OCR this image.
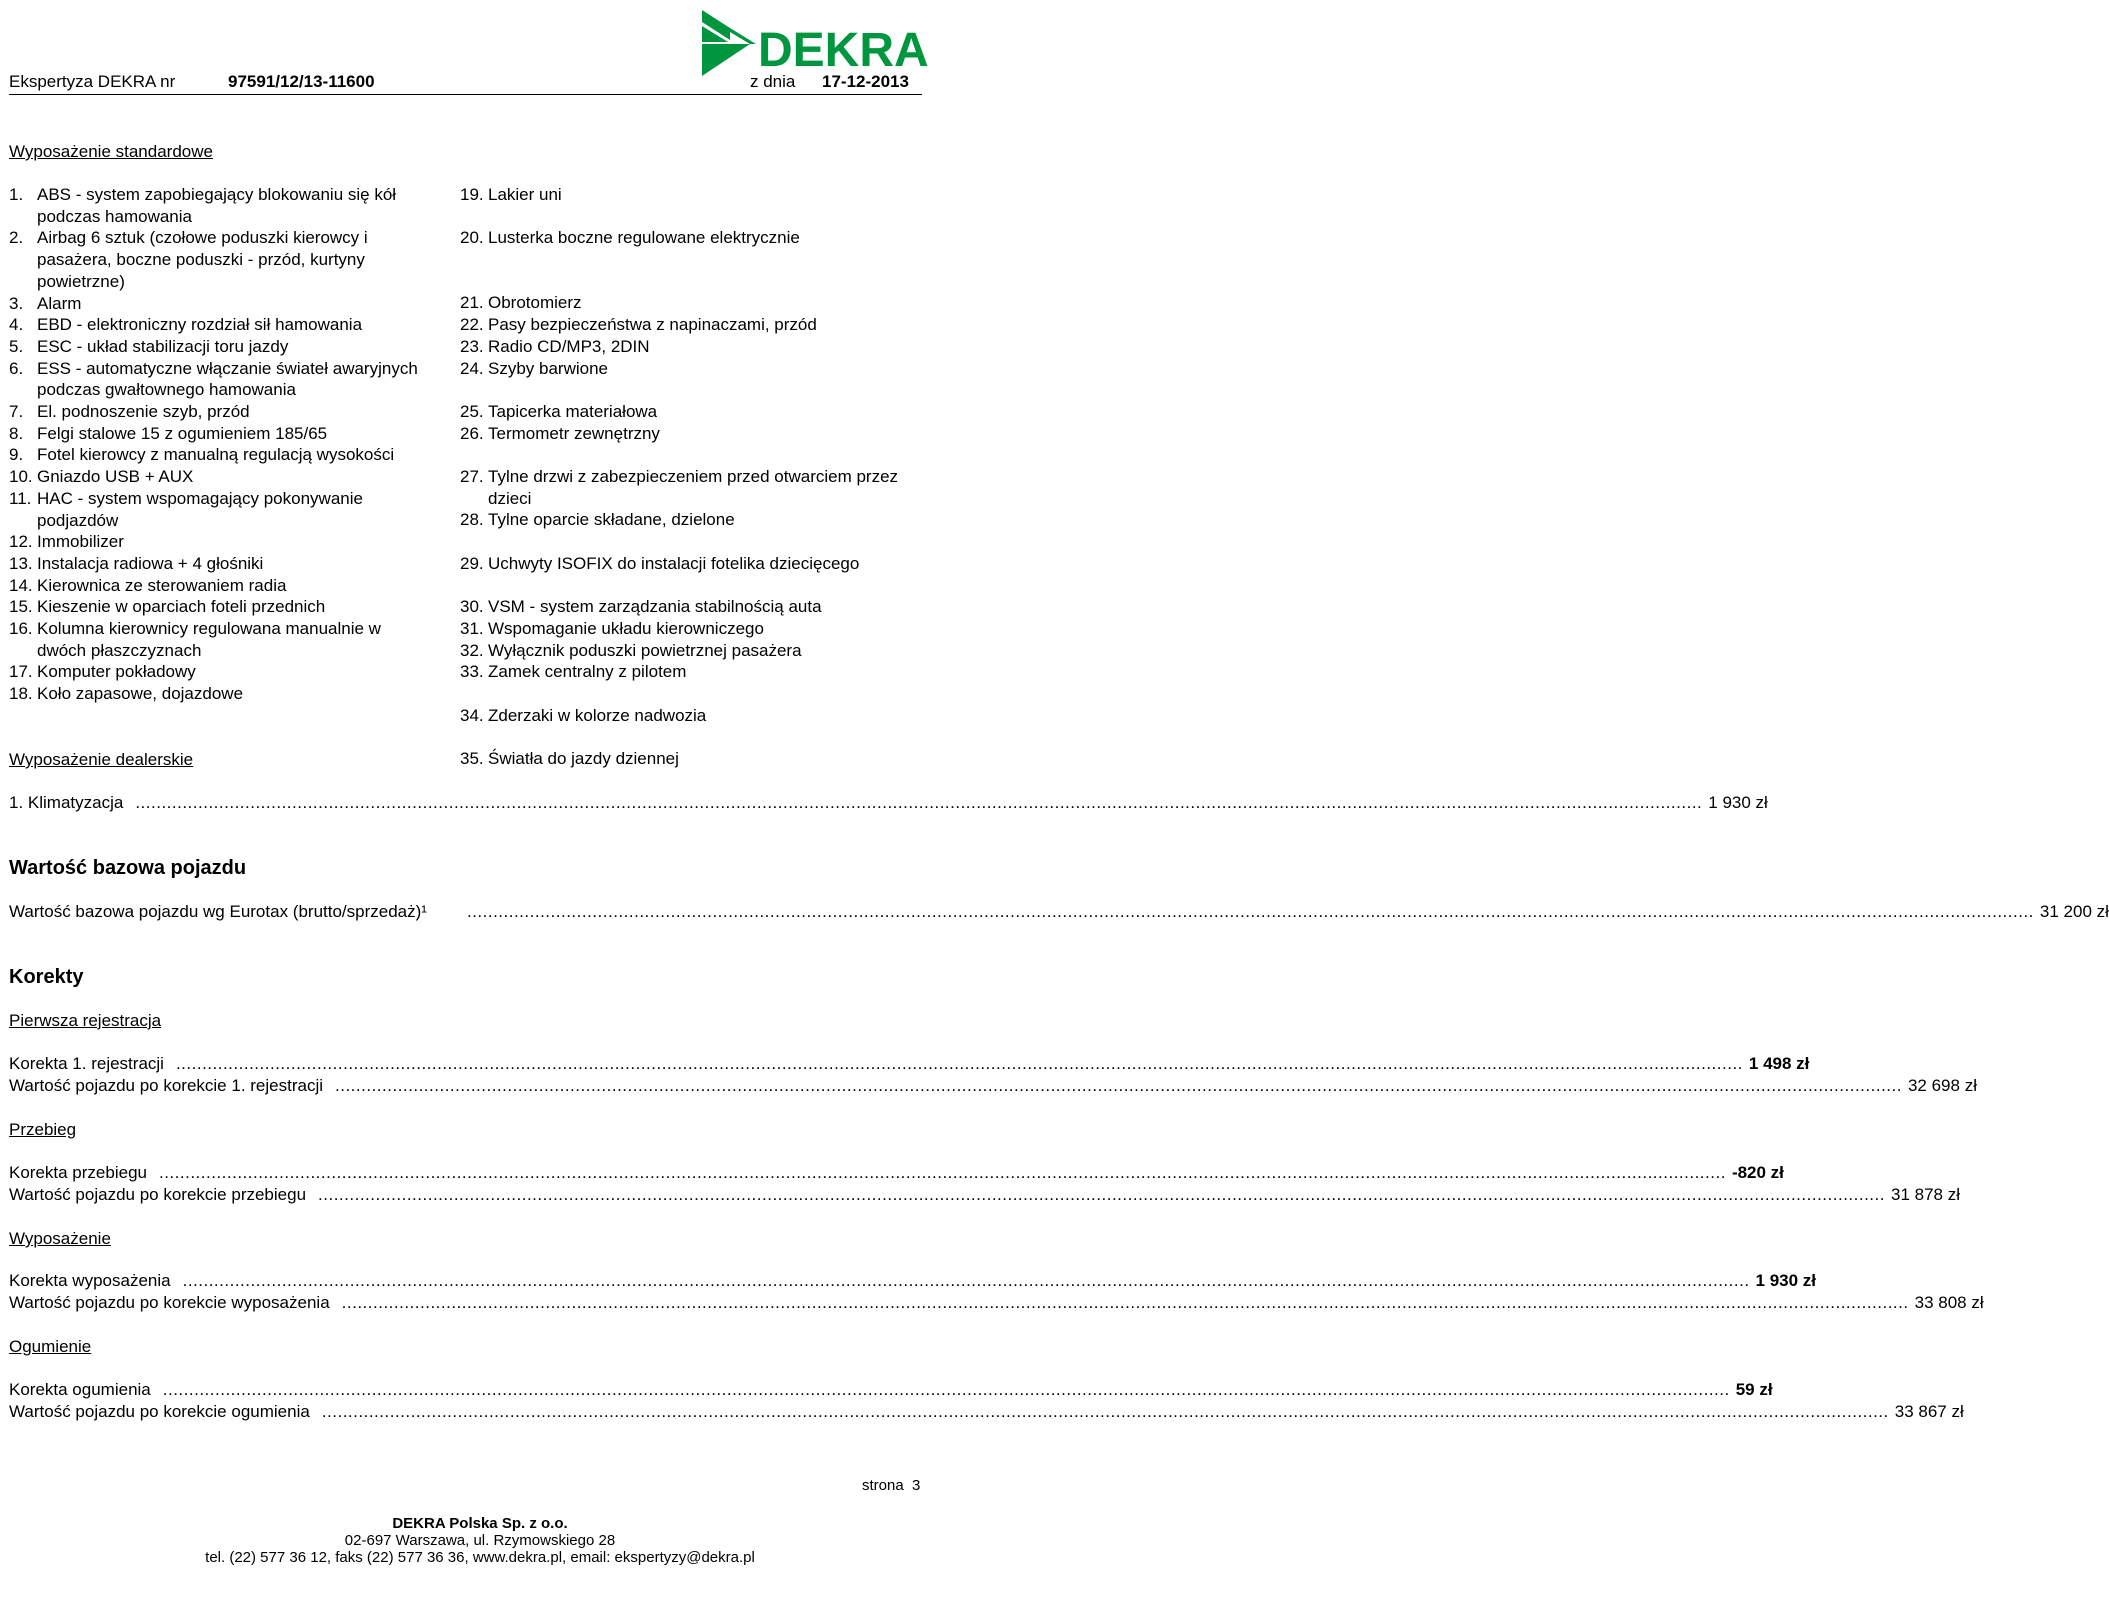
Ekspertyza DEKRA nr	97591/12/13-11600	z dnia 17-12-2013
DEKRA
Wyposażenie standardowe
1. ABS - system zapobiegający blokowaniu się kół podczas hamowania
2. Airbag 6 sztuk (czołowe poduszki kierowcy i pasażera, boczne poduszki - przód, kurtyny powietrzne)
3. Alarm
4. EBD - elektroniczny rozdział sił hamowania
5. ESC - układ stabilizacji toru jazdy
6. ESS - automatyczne włączanie świateł awaryjnych podczas gwałtownego hamowania
7. El. podnoszenie szyb, przód
8. Felgi stalowe 15 z ogumieniem 185/65
9. Fotel kierowcy z manualną regulacją wysokości
10. Gniazdo USB + AUX
11. HAC - system wspomagający pokonywanie podjazdów
12. Immobilizer
13. Instalacja radiowa + 4 głośniki
14. Kierownica ze sterowaniem radia
15. Kieszenie w oparciach foteli przednich
16. Kolumna kierownicy regulowana manualnie w dwóch płaszczyznach
17. Komputer pokładowy
18. Koło zapasowe, dojazdowe
19. Lakier uni
20. Lusterka boczne regulowane elektrycznie
21. Obrotomierz
22. Pasy bezpieczeństwa z napinaczami, przód
23. Radio CD/MP3, 2DIN
24. Szyby barwione
25. Tapicerka materiałowa
26. Termometr zewnętrzny
27. Tylne drzwi z zabezpieczeniem przed otwarciem przez dzieci
28. Tylne oparcie składane, dzielone
29. Uchwyty ISOFIX do instalacji fotelika dziecięcego
30. VSM - system zarządzania stabilnością auta
31. Wspomaganie układu kierowniczego
32. Wyłącznik poduszki powietrznej pasażera
33. Zamek centralny z pilotem
34. Zderzaki w kolorze nadwozia
35. Światła do jazdy dziennej
Wyposażenie dealerskie
1. Klimatyzacja ............................................................................................................................................................................................................................................................................................................ 1 930 zł
Wartość bazowa pojazdu
Wartość bazowa pojazdu wg Eurotax (brutto/sprzedaż)¹ ............................................................................................................................................................................................................................................................................................................ 31 200 zł
Korekty
Pierwsza rejestracja
Korekta 1. rejestracji ............................................................................................................................................................................................................................................................................................................ 1 498 zł
Wartość pojazdu po korekcie 1. rejestracji ............................................................................................................................................................................................................................................................................................................ 32 698 zł
Przebieg
Korekta przebiegu ............................................................................................................................................................................................................................................................................................................ -820 zł
Wartość pojazdu po korekcie przebiegu ............................................................................................................................................................................................................................................................................................................ 31 878 zł
Wyposażenie
Korekta wyposażenia ............................................................................................................................................................................................................................................................................................................ 1 930 zł
Wartość pojazdu po korekcie wyposażenia ............................................................................................................................................................................................................................................................................................................ 33 808 zł
Ogumienie
Korekta ogumienia ............................................................................................................................................................................................................................................................................................................ 59 zł
Wartość pojazdu po korekcie ogumienia ............................................................................................................................................................................................................................................................................................................ 33 867 zł
strona 3
DEKRA Polska Sp. z o.o.
02-697 Warszawa, ul. Rzymowskiego 28
tel. (22) 577 36 12, faks (22) 577 36 36, www.dekra.pl, email: ekspertyzy@dekra.pl
